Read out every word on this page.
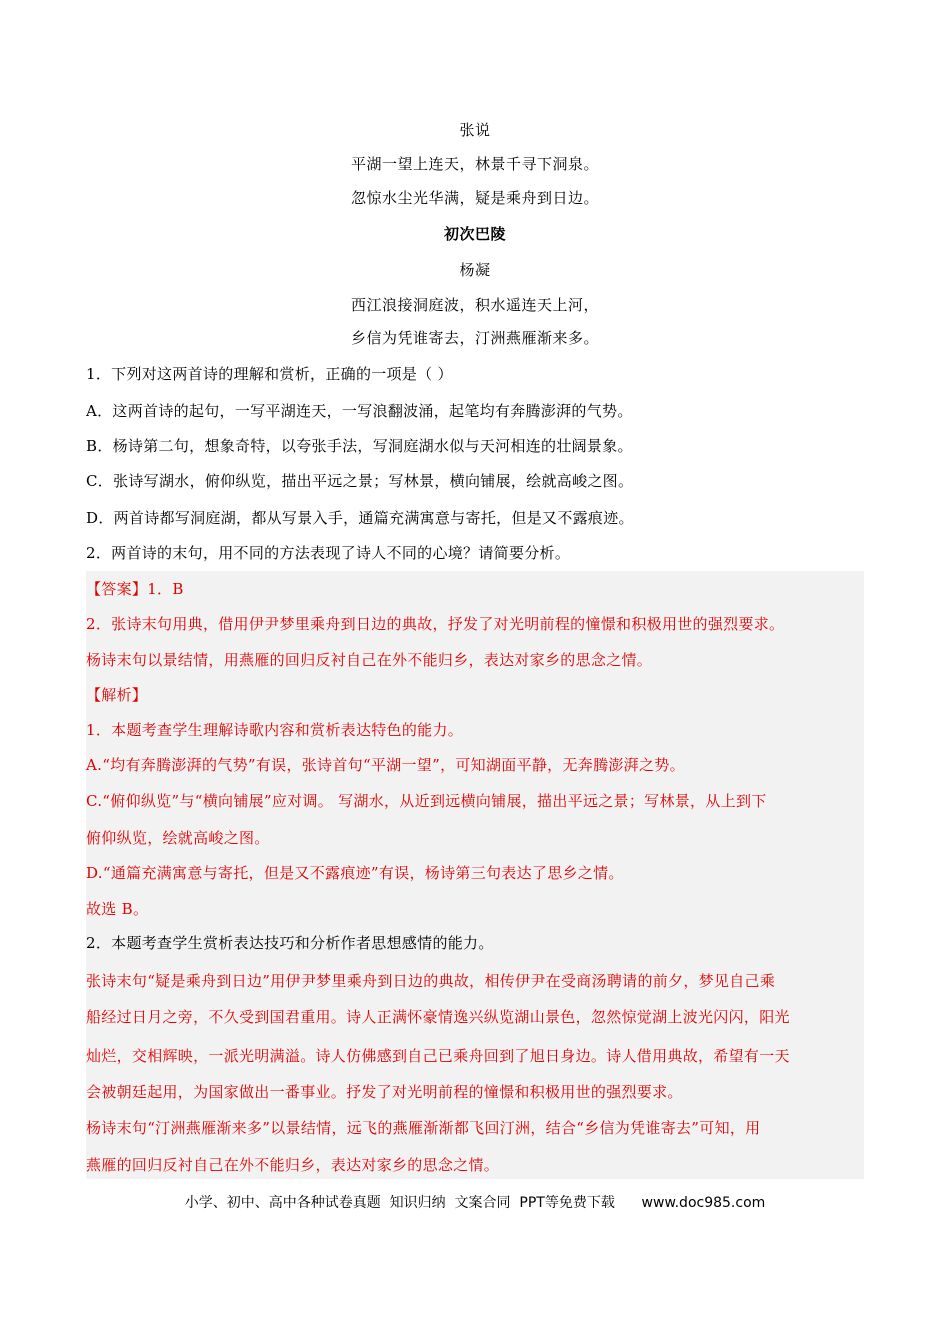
张说
平湖一望上连天，林景千寻下洞泉。
忽惊水尘光华满，疑是乘舟到日边。
初次巴陵
杨凝
西江浪接洞庭波，积水遥连天上河，
乡信为凭谁寄去，汀洲燕雁渐来多。
1．下列对这两首诗的理解和赏析，正确的一项是（ ）
A．这两首诗的起句，一写平湖连天，一写浪翻波涌，起笔均有奔腾澎湃的气势。
B．杨诗第二句，想象奇特，以夸张手法，写洞庭湖水似与天河相连的壮阔景象。
C．张诗写湖水，俯仰纵览，描出平远之景；写林景，横向铺展，绘就高峻之图。
D．两首诗都写洞庭湖，都从写景入手，通篇充满寓意与寄托，但是又不露痕迹。
2．两首诗的末句，用不同的方法表现了诗人不同的心境？请简要分析。
【答案】1．B
2．张诗末句用典，借用伊尹梦里乘舟到日边的典故，抒发了对光明前程的憧憬和积极用世的强烈要求。
杨诗末句以景结情，用燕雁的回归反衬自己在外不能归乡，表达对家乡的思念之情。
【解析】
1．本题考查学生理解诗歌内容和赏析表达特色的能力。
A.“均有奔腾澎湃的气势”有误，张诗首句“平湖一望”，可知湖面平静，无奔腾澎湃之势。
C.“俯仰纵览”与“横向铺展”应对调。 写湖水，从近到远横向铺展，描出平远之景；写林景，从上到下
俯仰纵览，绘就高峻之图。
D.“通篇充满寓意与寄托，但是又不露痕迹”有误，杨诗第三句表达了思乡之情。
故选 B。
2．本题考查学生赏析表达技巧和分析作者思想感情的能力。
张诗末句“疑是乘舟到日边”用伊尹梦里乘舟到日边的典故，相传伊尹在受商汤聘请的前夕，梦见自己乘
船经过日月之旁，不久受到国君重用。诗人正满怀豪情逸兴纵览湖山景色，忽然惊觉湖上波光闪闪，阳光
灿烂，交相辉映，一派光明满溢。诗人仿佛感到自己已乘舟回到了旭日身边。诗人借用典故，希望有一天
会被朝廷起用，为国家做出一番事业。抒发了对光明前程的憧憬和积极用世的强烈要求。
杨诗末句“汀洲燕雁渐来多”以景结情，远飞的燕雁渐渐都飞回汀洲，结合“乡信为凭谁寄去”可知，用
燕雁的回归反衬自己在外不能归乡，表达对家乡的思念之情。
小学、初中、高中各种试卷真题  知识归纳  文案合同  PPT等免费下载      www.doc985.com
